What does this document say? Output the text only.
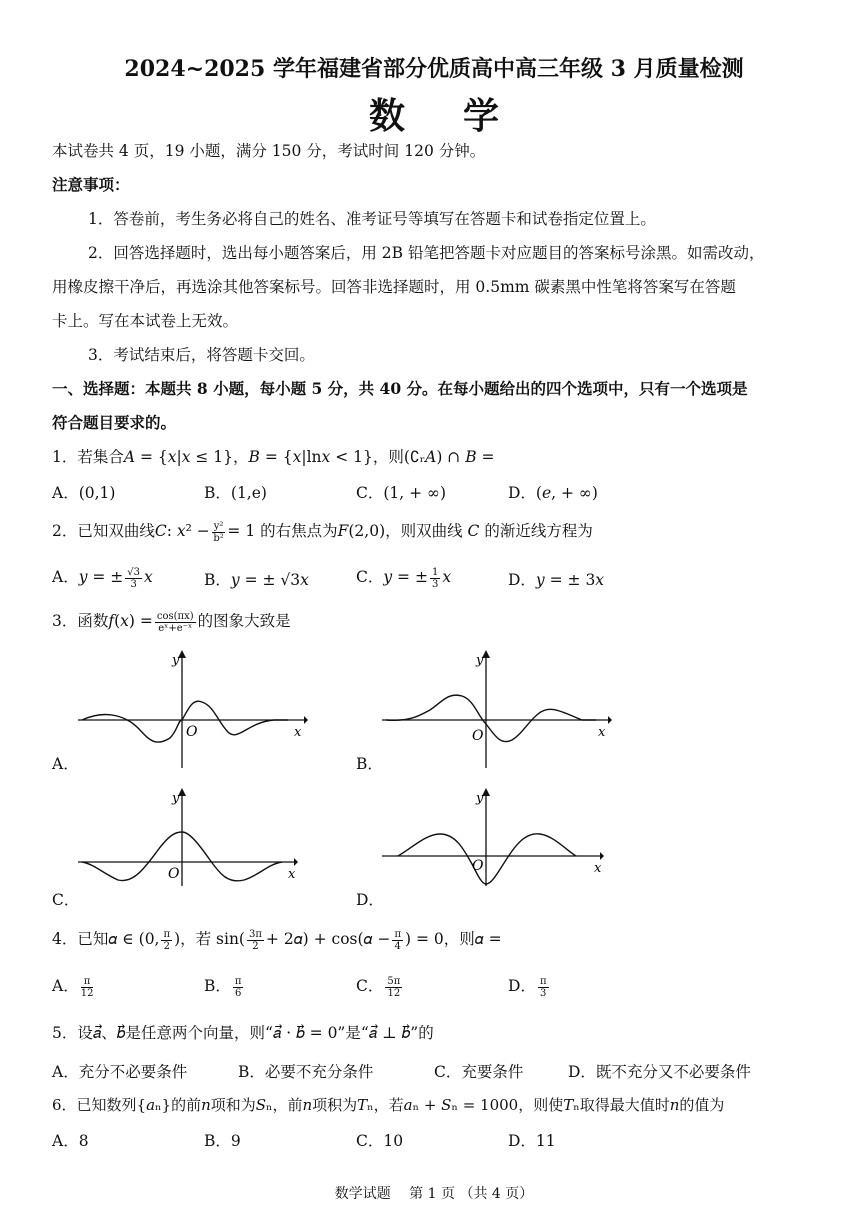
2024~2025 学年福建省部分优质高中高三年级 3 月质量检测
数学
本试卷共 4 页，19 小题，满分 150 分，考试时间 120 分钟。
注意事项：
1．答卷前，考生务必将自己的姓名、准考证号等填写在答题卡和试卷指定位置上。
2．回答选择题时，选出每小题答案后，用 2B 铅笔把答题卡对应题目的答案标号涂黑。如需改动，
用橡皮擦干净后，再选涂其他答案标号。回答非选择题时，用 0.5mm 碳素黑中性笔将答案写在答题
卡上。写在本试卷上无效。
3．考试结束后，将答题卡交回。
一、选择题：本题共 8 小题，每小题 5 分，共 40 分。在每小题给出的四个选项中，只有一个选项是
符合题目要求的。
1．若集合𝐴 = {𝑥|𝑥 ≤ 1}，𝐵 = {𝑥|ln𝑥 < 1}，则(∁ᵣ𝐴) ∩ 𝐵 =
A．(0,1)	B．(1,e)	C．(1, + ∞)	D．(𝑒, + ∞)
2．已知双曲线𝐶: 𝑥² − $\frac{\text{y²}}{\text{b²}} = 1$ 的右焦点为𝐹(2,0)，则双曲线 𝐶 的渐近线方程为
A．𝑦 = ± $\frac{√3}{3}$ 𝑥	B．𝑦 = ± √3𝑥	C．𝑦 = ± $\frac{1}{3}$ 𝑥	D．𝑦 = ± 3𝑥
3．函数𝑓(𝑥) = $\frac{\cos(\pi x)}{\text{eˣ+e⁻ˣ}}$ 的图象大致是
O	x
y
A．
O	x
y
B．
O	x
y
C．
O	x
y
D．
4．已知𝛼 ∈ (0, $\frac{\pi}{2}$ )，若 $\sin( \frac{3\pi}{2}$ + 2𝛼) + cos(𝛼 − $\frac{\pi}{4}$ ) = 0，则𝛼 =
A． $\frac{\pi}{12}$	B． $\frac{\pi}{6}$	C． $\frac{5\pi}{12}$	D． $\frac{\pi}{3}$
5．设𝑎⃗、𝑏⃗是任意两个向量，则“𝑎⃗ · 𝑏⃗ = 0”是“𝑎⃗ ⊥ 𝑏⃗”的
A．充分不必要条件	B．必要不充分条件	C．充要条件	D．既不充分又不必要条件
6．已知数列{𝑎ₙ}的前𝑛项和为𝑆ₙ，前𝑛项积为𝑇ₙ，若𝑎ₙ + 𝑆ₙ = 1000，则使𝑇ₙ取得最大值时𝑛的值为
A．8	B．9	C．10	D．11
数学试题　 第 1 页 （共 4 页）
